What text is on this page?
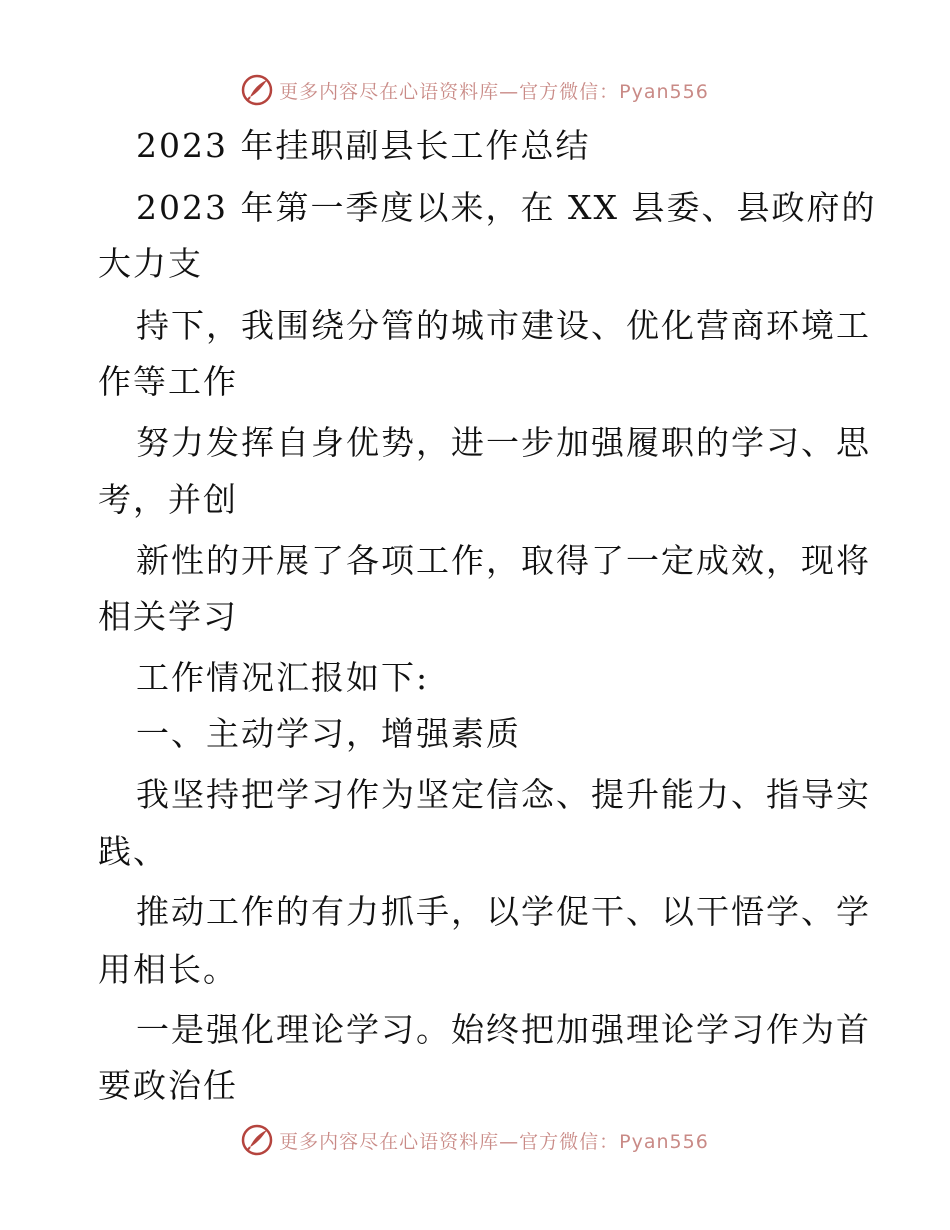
更多内容尽在心语资料库—官方微信：Pyan556
2023 年挂职副县长工作总结
2023 年第一季度以来，在 XX 县委、县政府的
大力支
持下，我围绕分管的城市建设、优化营商环境工
作等工作
努力发挥自身优势，进一步加强履职的学习、思
考，并创
新性的开展了各项工作，取得了一定成效，现将
相关学习
工作情况汇报如下:
一、主动学习，增强素质
我坚持把学习作为坚定信念、提升能力、指导实
践、
推动工作的有力抓手，以学促干、以干悟学、学
用相长。
一是强化理论学习。始终把加强理论学习作为首
要政治任
更多内容尽在心语资料库—官方微信：Pyan556
